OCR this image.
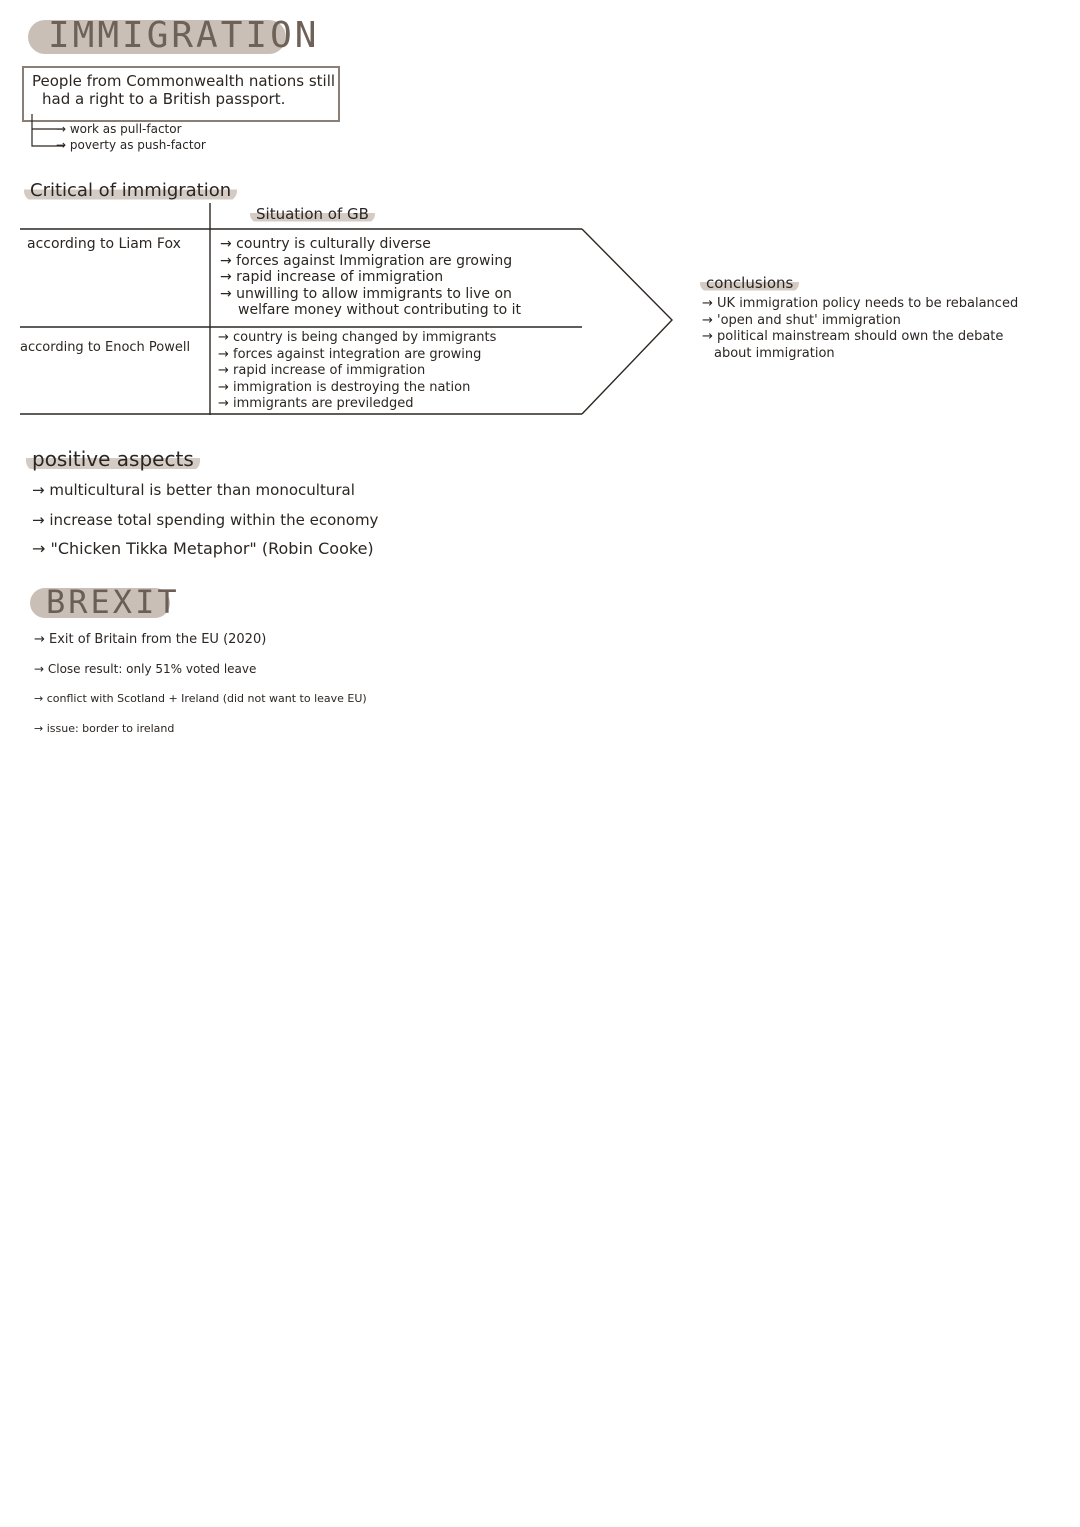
IMMIGRATION
People from Commonwealth nations still
had a right to a British passport.
→ work as pull-factor
→ poverty as push-factor
Critical of immigration
Situation of GB
according to Liam Fox	→ country is culturally diverse
→ forces against Immigration are growing
→ rapid increase of immigration
→ unwilling to allow immigrants to live on
welfare money without contributing to it
according to Enoch Powell
→ country is being changed by immigrants
→ forces against integration are growing
→ rapid increase of immigration
→ immigration is destroying the nation
→ immigrants are previledged
conclusions
→ UK immigration policy needs to be rebalanced
→ 'open and shut' immigration
→ political mainstream should own the debate
about immigration
positive aspects
→ multicultural is better than monocultural
→ increase total spending within the economy
→ "Chicken Tikka Metaphor" (Robin Cooke)
BREXIT
→ Exit of Britain from the EU (2020)
→ Close result: only 51% voted leave
→ conflict with Scotland + Ireland (did not want to leave EU)
→ issue: border to ireland
